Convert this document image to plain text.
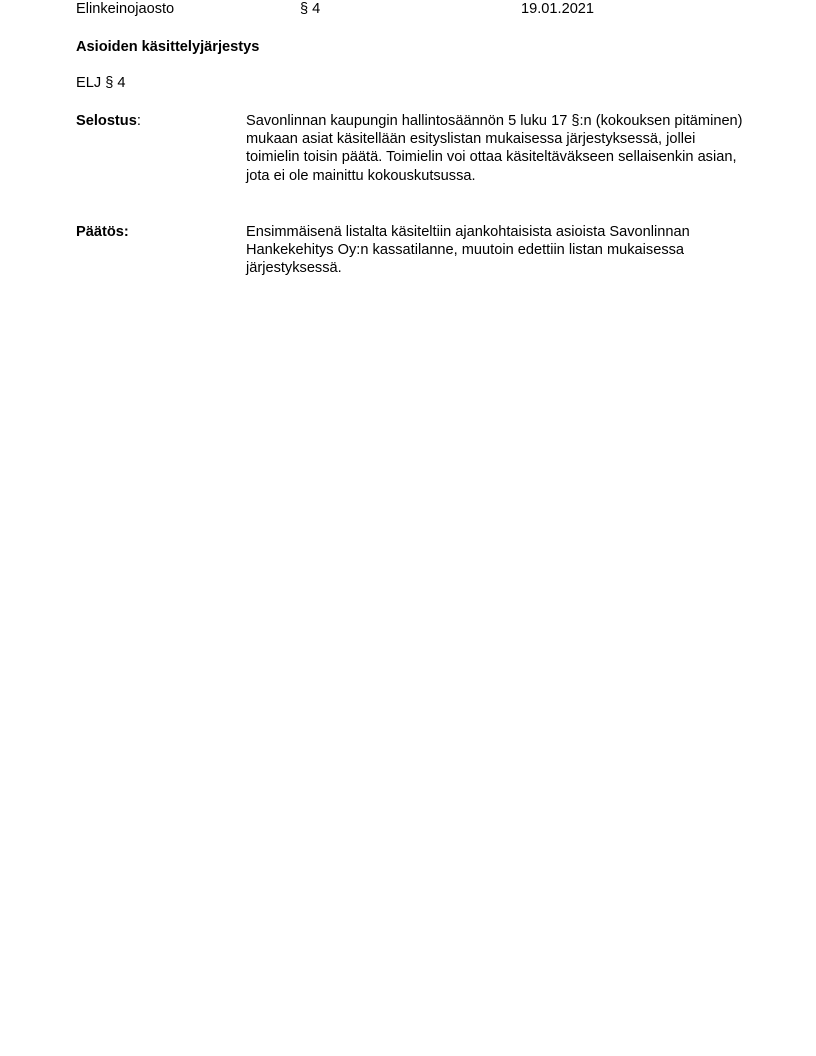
Elinkeinojaosto	§ 4	19.01.2021
Asioiden käsittelyjärjestys
ELJ § 4
Selostus:	Savonlinnan kaupungin hallintosäännön 5 luku 17 §:n (kokouksen pitäminen) mukaan asiat käsitellään esityslistan mukaisessa järjestyksessä, jollei toimielin toisin päätä. Toimielin voi ottaa käsiteltäväkseen sellaisenkin asian, jota ei ole mainittu kokouskutsussa.
Päätös:	Ensimmäisenä listalta käsiteltiin ajankohtaisista asioista Savonlinnan Hankekehitys Oy:n kassatilanne, muutoin edettiin listan mukaisessa järjestyksessä.
